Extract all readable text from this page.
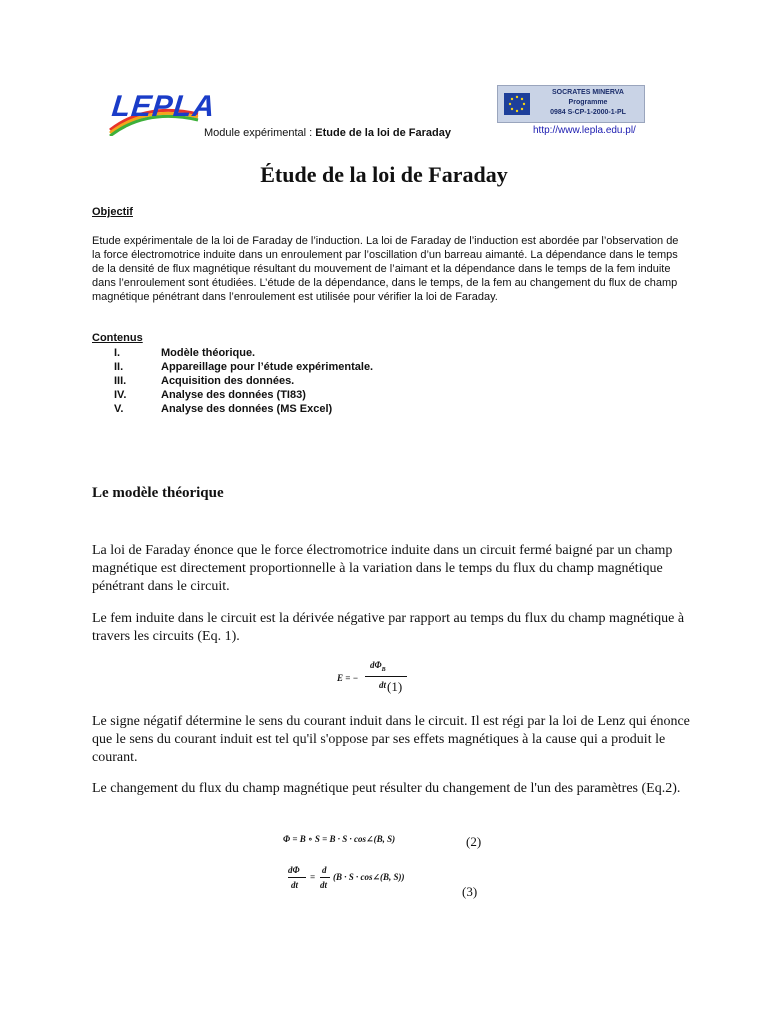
LEPLA
Module expérimental : Etude de la loi de Faraday
SOCRATES MINERVA
Programme
0984 S-CP-1-2000-1-PL
http://www.lepla.edu.pl/
Étude de la loi de Faraday
Objectif
Etude expérimentale de la loi de Faraday de l’induction. La loi de Faraday de l’induction est abordée par l’observation de la force électromotrice induite dans un enroulement par l’oscillation d’un barreau aimanté. La dépendance dans le temps de la densité de flux magnétique résultant du mouvement de l’aimant et la dépendance dans le temps de la fem induite dans l’enroulement sont étudiées. L’étude de la dépendance, dans le temps, de la fem au changement du flux de champ magnétique pénétrant dans l’enroulement est utilisée pour vérifier la loi de Faraday.
Contenus
I.	Modèle théorique.
II.	Appareillage pour l’étude expérimentale.
III.	Acquisition des données.
IV.	Analyse des données (TI83)
V.	Analyse des données (MS Excel)
Le modèle théorique
La loi de Faraday énonce que le force électromotrice induite dans un circuit fermé baigné par un champ magnétique est directement proportionnelle à la variation dans le temps du flux du champ magnétique pénétrant dans le circuit.
Le fem induite dans le circuit est la dérivée négative par rapport au temps du flux du champ magnétique à travers les circuits (Eq. 1).
E = −
$d\Phi_B$
dt (1)
Le signe négatif détermine le sens du courant induit dans le circuit. Il est régi par la loi de Lenz qui énonce que le sens du courant induit est tel qu'il s'oppose par ses effets magnétiques à la cause qui a produit le courant.
Le changement du flux du champ magnétique peut résulter du changement de l'un des paramètres (Eq.2).
Φ = B ∘ S = B · S · cos∠(B, S)	(2)
dΦ
dt
=
d
dt
(B · S · cos∠(B, S))
(3)
